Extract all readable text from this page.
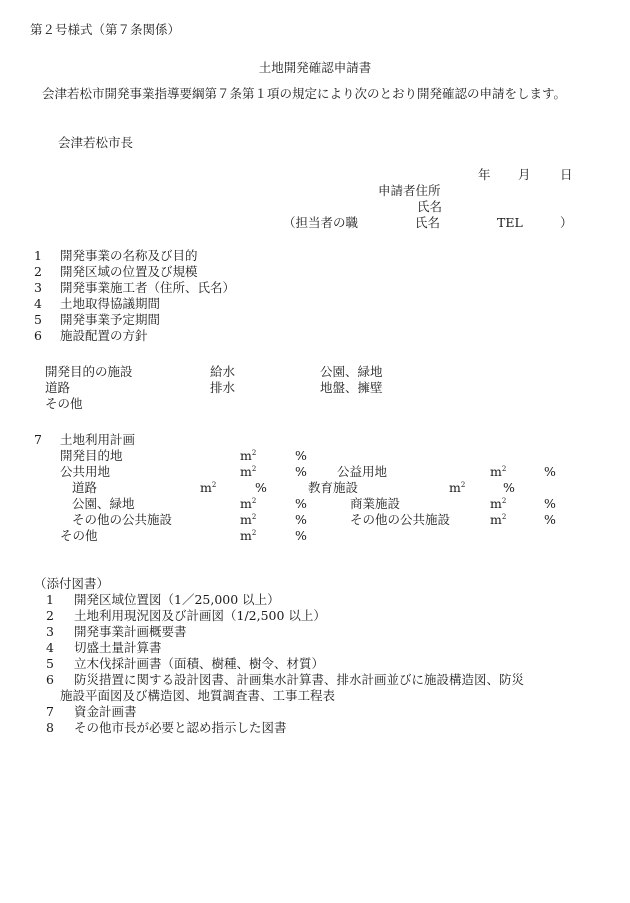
第２号様式（第７条関係）
土地開発確認申請書
会津若松市開発事業指導要綱第７条第１項の規定により次のとおり開発確認の申請をします。
会津若松市長
年 月 日
申請者住所
氏名
（担当者の職	氏名	TEL	）
1 開発事業の名称及び目的
2 開発区域の位置及び規模
3 開発事業施工者（住所、氏名）
4 土地取得協議期間
5 開発事業予定期間
6 施設配置の方針
開発目的の施設	給水	公園、緑地
道路	排水	地盤、擁壁
その他
7 土地利用計画
開発目的地	$m^2$	%
公共用地	$m^2$	% 公益用地	$m^2$	%
道路	$m^2$	%	教育施設	$m^2$	%
公園、緑地	$m^2$	%	商業施設	$m^2$	%
その他の公共施設	$m^2$	%	その他の公共施設	$m^2$	%
その他	$m^2$	%
（添付図書）
1 開発区域位置図（1／25,000 以上）
2 土地利用現況図及び計画図（1/2,500 以上）
3 開発事業計画概要書
4 切盛土量計算書
5 立木伐採計画書（面積、樹種、樹令、材質）
6 防災措置に関する設計図書、計画集水計算書、排水計画並びに施設構造図、防災
施設平面図及び構造図、地質調査書、工事工程表
7 資金計画書
8 その他市長が必要と認め指示した図書
